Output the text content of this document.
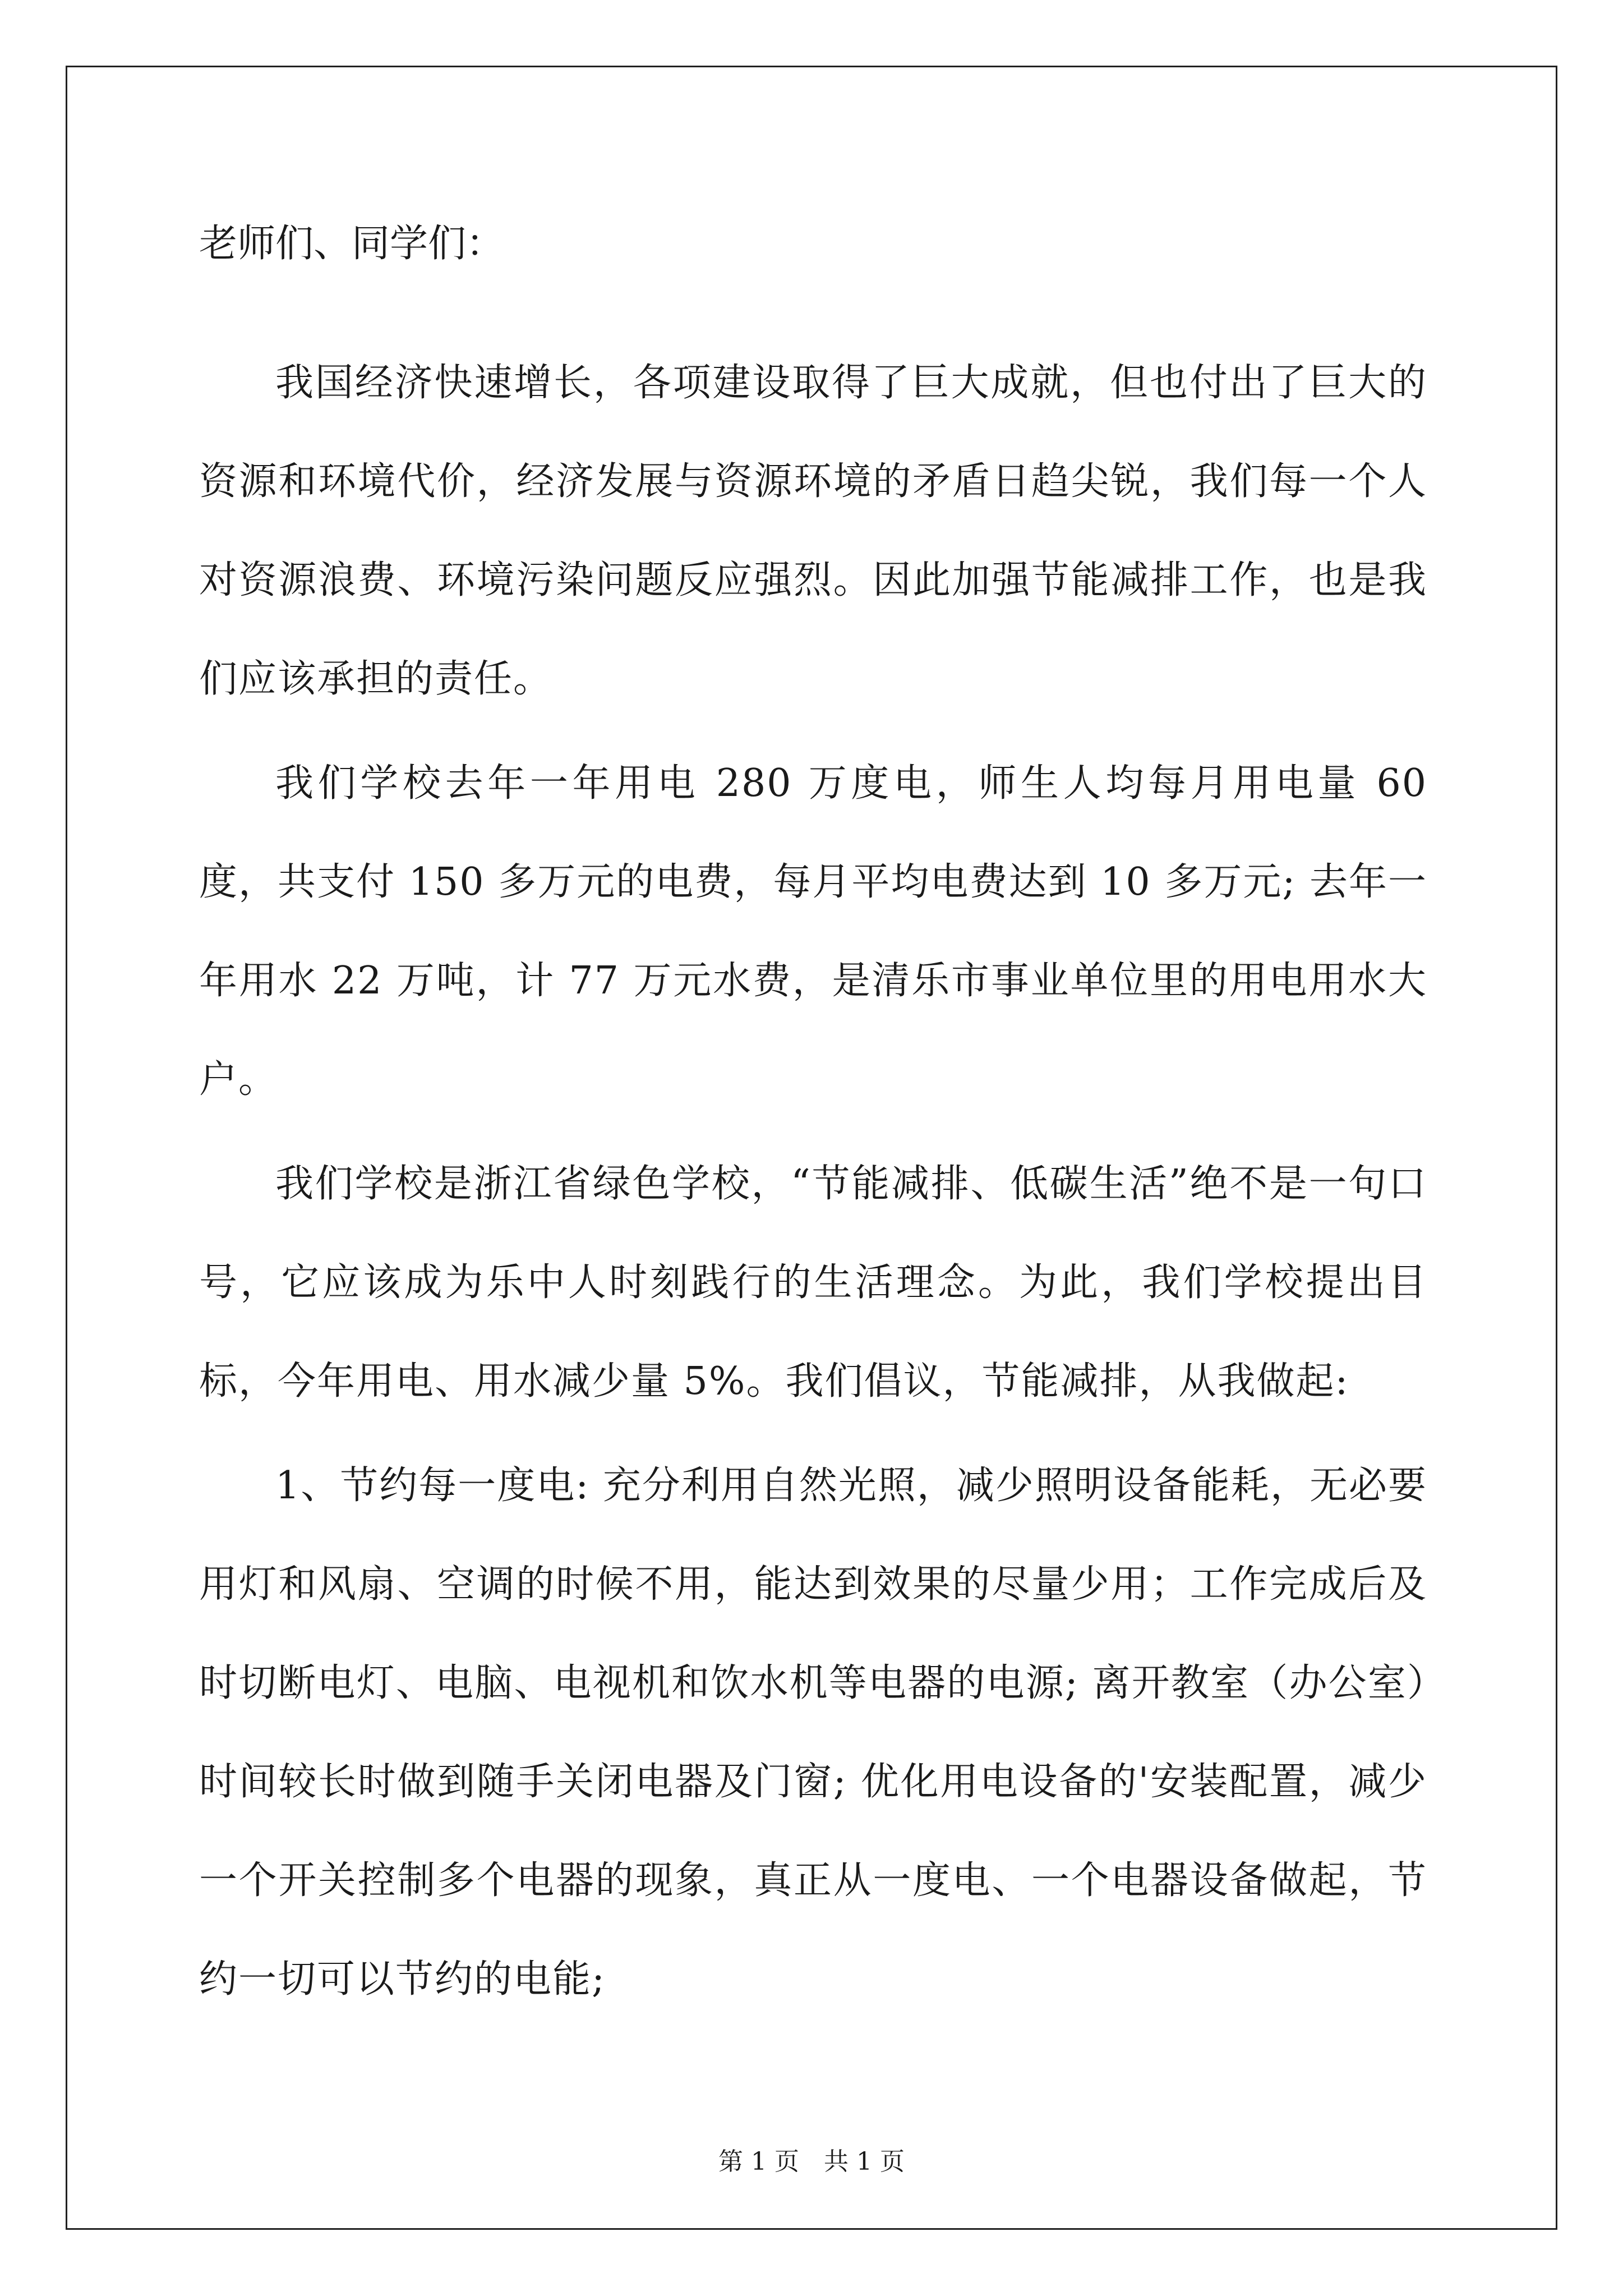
老师们、同学们：

我国经济快速增长，各项建设取得了巨大成就，但也付出了巨大的资源和环境代价，经济发展与资源环境的矛盾日趋尖锐，我们每一个人对资源浪费、环境污染问题反应强烈。因此加强节能减排工作，也是我们应该承担的责任。

我们学校去年一年用电 280 万度电，师生人均每月用电量 60 度，共支付 150 多万元的电费，每月平均电费达到 10 多万元; 去年一年用水 22 万吨，计 77 万元水费，是清乐市事业单位里的用电用水大户。

我们学校是浙江省绿色学校，“节能减排、低碳生活”绝不是一句口号，它应该成为乐中人时刻践行的生活理念。为此，我们学校提出目标，今年用电、用水减少量 5%。我们倡议，节能减排，从我做起:

1、节约每一度电: 充分利用自然光照，减少照明设备能耗，无必要用灯和风扇、空调的时候不用，能达到效果的尽量少用；工作完成后及时切断电灯、电脑、电视机和饮水机等电器的电源; 离开教室（办公室）时间较长时做到随手关闭电器及门窗; 优化用电设备的'安装配置，减少一个开关控制多个电器的现象，真正从一度电、一个电器设备做起，节约一切可以节约的电能;

第 1 页 共 1 页
